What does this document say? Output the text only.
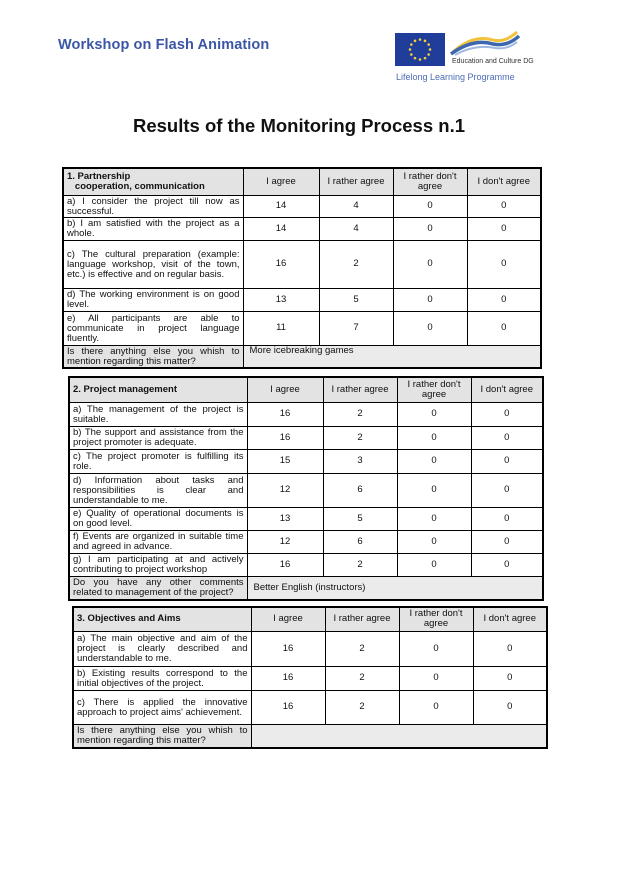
Workshop on Flash Animation
Education and Culture DG
Lifelong Learning Programme
Results of the Monitoring Process n.1
1. Partnership
cooperation, communication	I agree	I rather agree	I rather don't agree	I don't agree
a) I consider the project till now as successful.	14	4	0	0
b) I am satisfied with the project as a whole.	14	4	0	0
c) The cultural preparation (example: language workshop, visit of the town, etc.) is effective and on regular basis.	16	2	0	0
d) The working environment is on good level.	13	5	0	0
e) All participants are able to communicate in project language fluently.	11	7	0	0
Is there anything else you whish to mention regarding this matter?	More icebreaking games			
2. Project management	I agree	I rather agree	I rather don't agree	I don't agree
a) The management of the project is suitable.	16	2	0	0
b) The support and assistance from the project promoter is adequate.	16	2	0	0
c) The project promoter is fulfilling its role.	15	3	0	0
d) Information about tasks and responsibilities is clear and understandable to me.	12	6	0	0
e) Quality of operational documents is on good level.	13	5	0	0
f) Events are organized in suitable time and agreed in advance.	12	6	0	0
g) I am participating at and actively contributing to project workshop	16	2	0	0
Do you have any other comments related to management of the project?	Better English (instructors)			
3. Objectives and Aims	I agree	I rather agree	I rather don't agree	I don't agree
a) The main objective and aim of the project is clearly described and understandable to me.	16	2	0	0
b) Existing results correspond to the initial objectives of the project.	16	2	0	0
c) There is applied the innovative approach to project aims' achievement.	16	2	0	0
Is there anything else you whish to mention regarding this matter?				
